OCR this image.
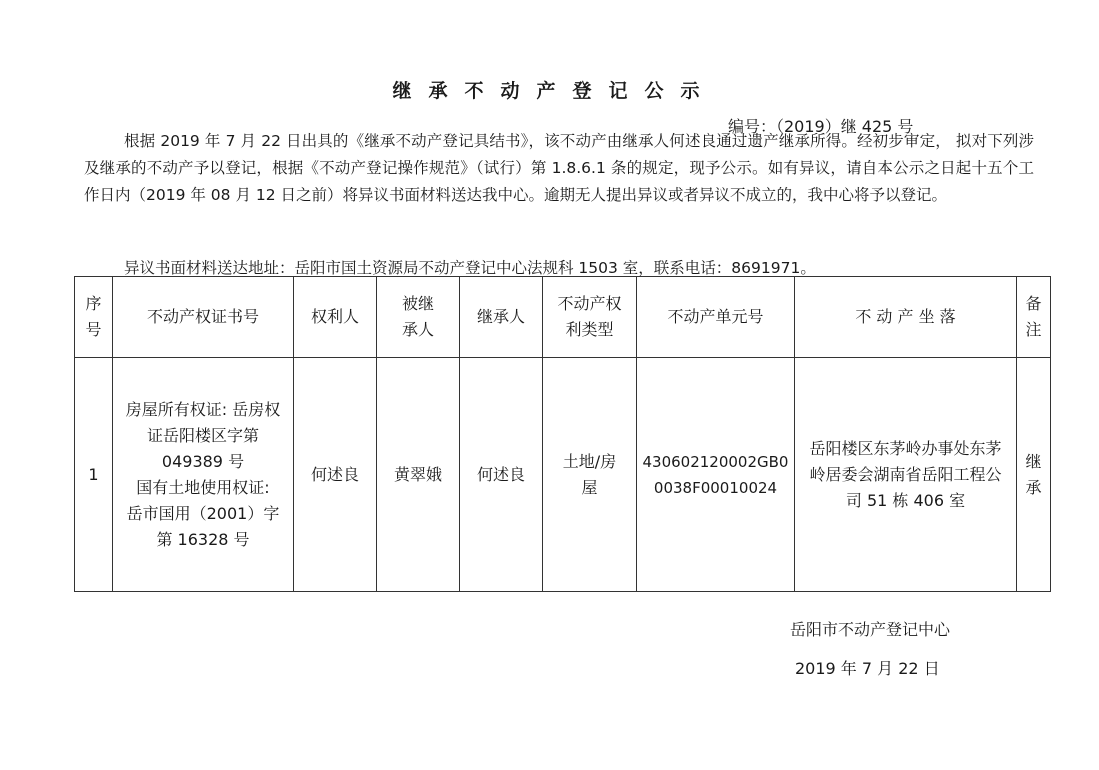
继承不动产登记公示
编号：（2019）继 425 号

根据 2019 年 7 月 22 日出具的《继承不动产登记具结书》，该不动产由继承人何述良通过遗产继承所得。经初步审定， 拟对下列涉及继承的不动产予以登记，根据《不动产登记操作规范》（试行）第 1.8.6.1 条的规定，现予公示。如有异议，请自本公示之日起十五个工作日内（2019 年 08 月 12 日之前）将异议书面材料送达我中心。逾期无人提出异议或者异议不成立的，我中心将予以登记。

异议书面材料送达地址：岳阳市国土资源局不动产登记中心法规科 1503 室，联系电话：8691971。

序号	不动产权证书号	权利人	被继承人	继承人	不动产权利类型	不动产单元号	不 动 产 坐 落	备注
1	房屋所有权证: 岳房权证岳阳楼区字第 049389 号
国有土地使用权证:
岳市国用（2001）字第 16328 号	何述良	黄翠娥	何述良	土地/房屋	430602120002GB00038F00010024	岳阳楼区东茅岭办事处东茅岭居委会湖南省岳阳工程公司 51 栋 406 室	继承
岳阳市不动产登记中心
2019 年 7 月 22 日
